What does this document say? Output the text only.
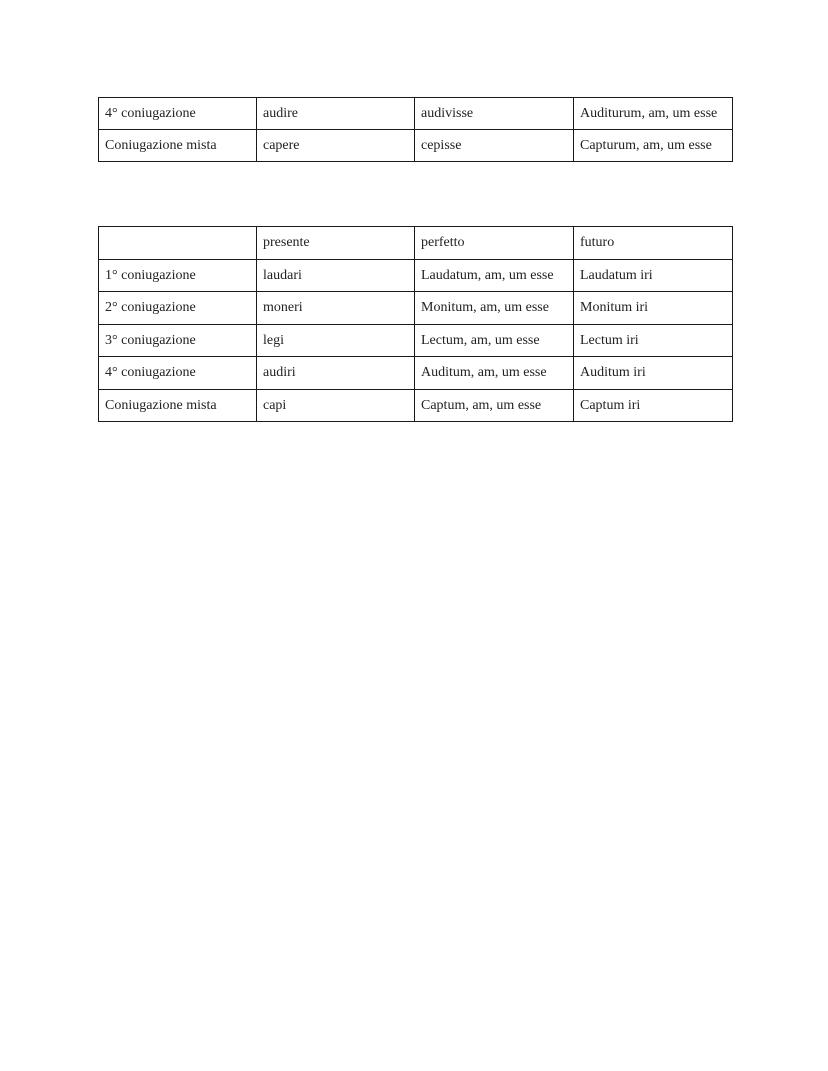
4° coniugazione	audire	audivisse	Auditurum, am, um esse
Coniugazione mista	capere	cepisse	Capturum, am, um esse
	presente	perfetto	futuro
1° coniugazione	laudari	Laudatum, am, um esse	Laudatum iri
2° coniugazione	moneri	Monitum, am, um esse	Monitum iri
3° coniugazione	legi	Lectum, am, um esse	Lectum iri
4° coniugazione	audiri	Auditum, am, um esse	Auditum iri
Coniugazione mista	capi	Captum, am, um esse	Captum iri
